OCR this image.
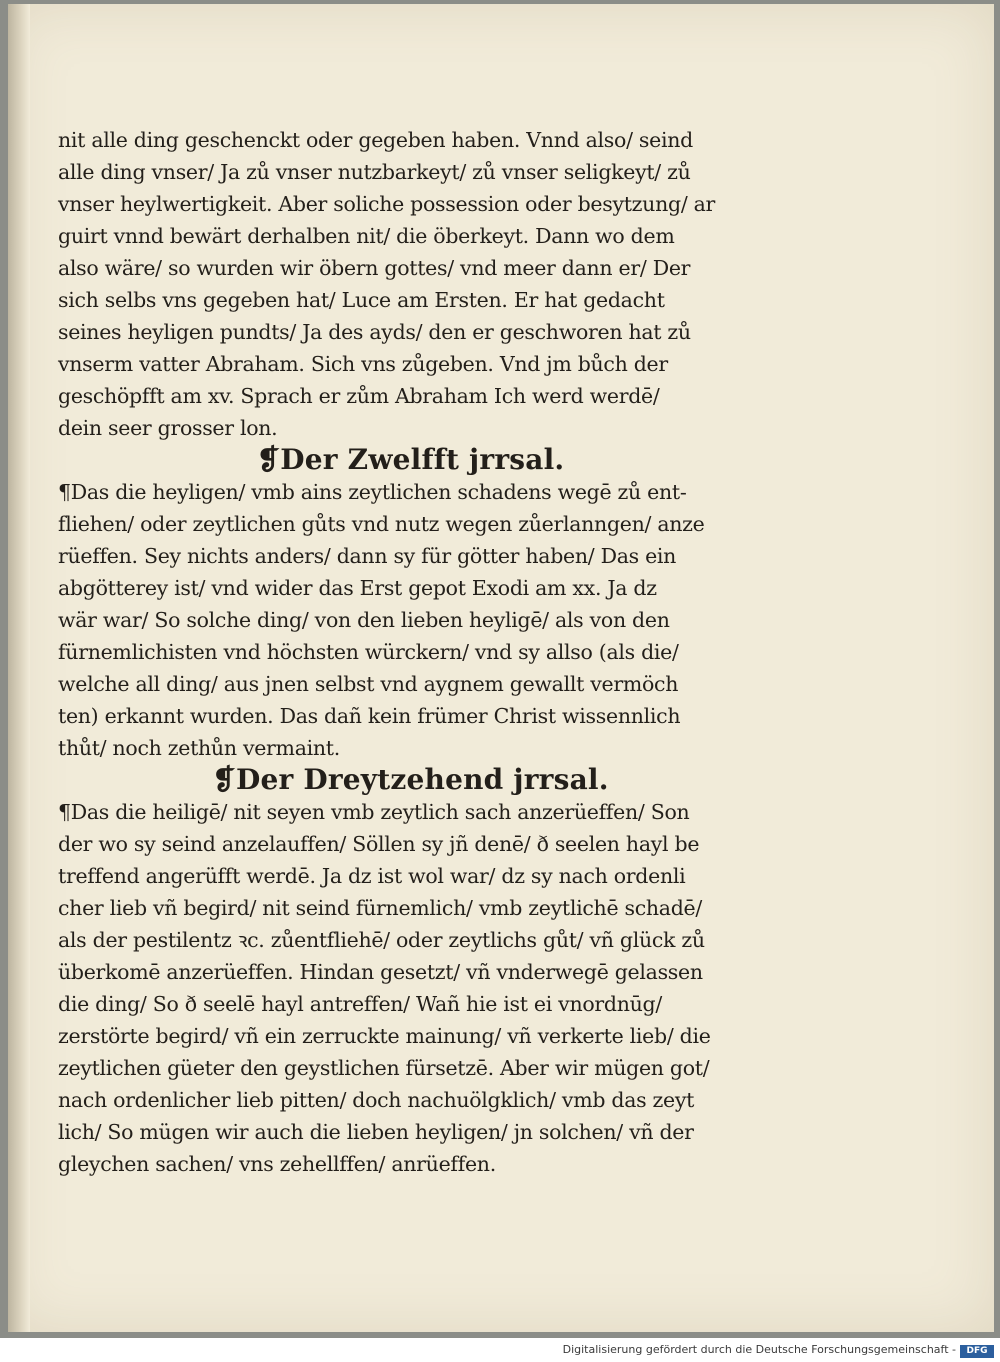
nit alle ding geschenckt oder gegeben haben. Vnnd also/ seind
alle ding vnser/ Ja zů vnser nutzbarkeyt/ zů vnser seligkeyt/ zů
vnser heylwertigkeit. Aber soliche possession oder besytzung/ ar
guirt vnnd bewärt derhalben nit/ die öberkeyt. Dann wo dem
also wäre/ so wurden wir öbern gottes/ vnd meer dann er/ Der
sich selbs vns gegeben hat/ Luce am Ersten. Er hat gedacht
seines heyligen pundts/ Ja des ayds/ den er geschworen hat zů
vnserm vatter Abraham. Sich vns zůgeben. Vnd jm bůch der
geschöpfft am xv. Sprach er zům Abraham Ich werd werdē/
dein seer grosser lon.
❡Der Zwelfft jrrsal.
¶Das die heyligen/ vmb ains zeytlichen schadens wegē zů ent-
fliehen/ oder zeytlichen gůts vnd nutz wegen zůerlanngen/ anze
rüeffen. Sey nichts anders/ dann sy für götter haben/ Das ein
abgötterey ist/ vnd wider das Erst gepot Exodi am xx. Ja dz
wär war/ So solche ding/ von den lieben heyligē/ als von den
fürnemlichisten vnd höchsten würckern/ vnd sy allso (als die/
welche all ding/ aus jnen selbst vnd aygnem gewallt vermöch
ten) erkannt wurden. Das dañ kein frümer Christ wissennlich
thůt/ noch zethůn vermaint.
❡Der Dreytzehend jrrsal.
¶Das die heiligē/ nit seyen vmb zeytlich sach anzerüeffen/ Son
der wo sy seind anzelauffen/ Söllen sy jñ denē/ ð seelen hayl be
treffend angerüfft werdē. Ja dz ist wol war/ dz sy nach ordenli
cher lieb vñ begird/ nit seind fürnemlich/ vmb zeytlichē schadē/
als der pestilentz ꝛc. zůentfliehē/ oder zeytlichs gůt/ vñ glück zů
überkomē anzerüeffen. Hindan gesetzt/ vñ vnderwegē gelassen
die ding/ So ð seelē hayl antreffen/ Wañ hie ist ei vnordnūg/
zerstörte begird/ vñ ein zerruckte mainung/ vñ verkerte lieb/ die
zeytlichen güeter den geystlichen fürsetzē. Aber wir mügen got/
nach ordenlicher lieb pitten/ doch nachuölgklich/ vmb das zeyt
lich/ So mügen wir auch die lieben heyligen/ jn solchen/ vñ der
gleychen sachen/ vns zehellffen/ anrüeffen.
Digitalisierung gefördert durch die Deutsche Forschungsgemeinschaft -	DFG
